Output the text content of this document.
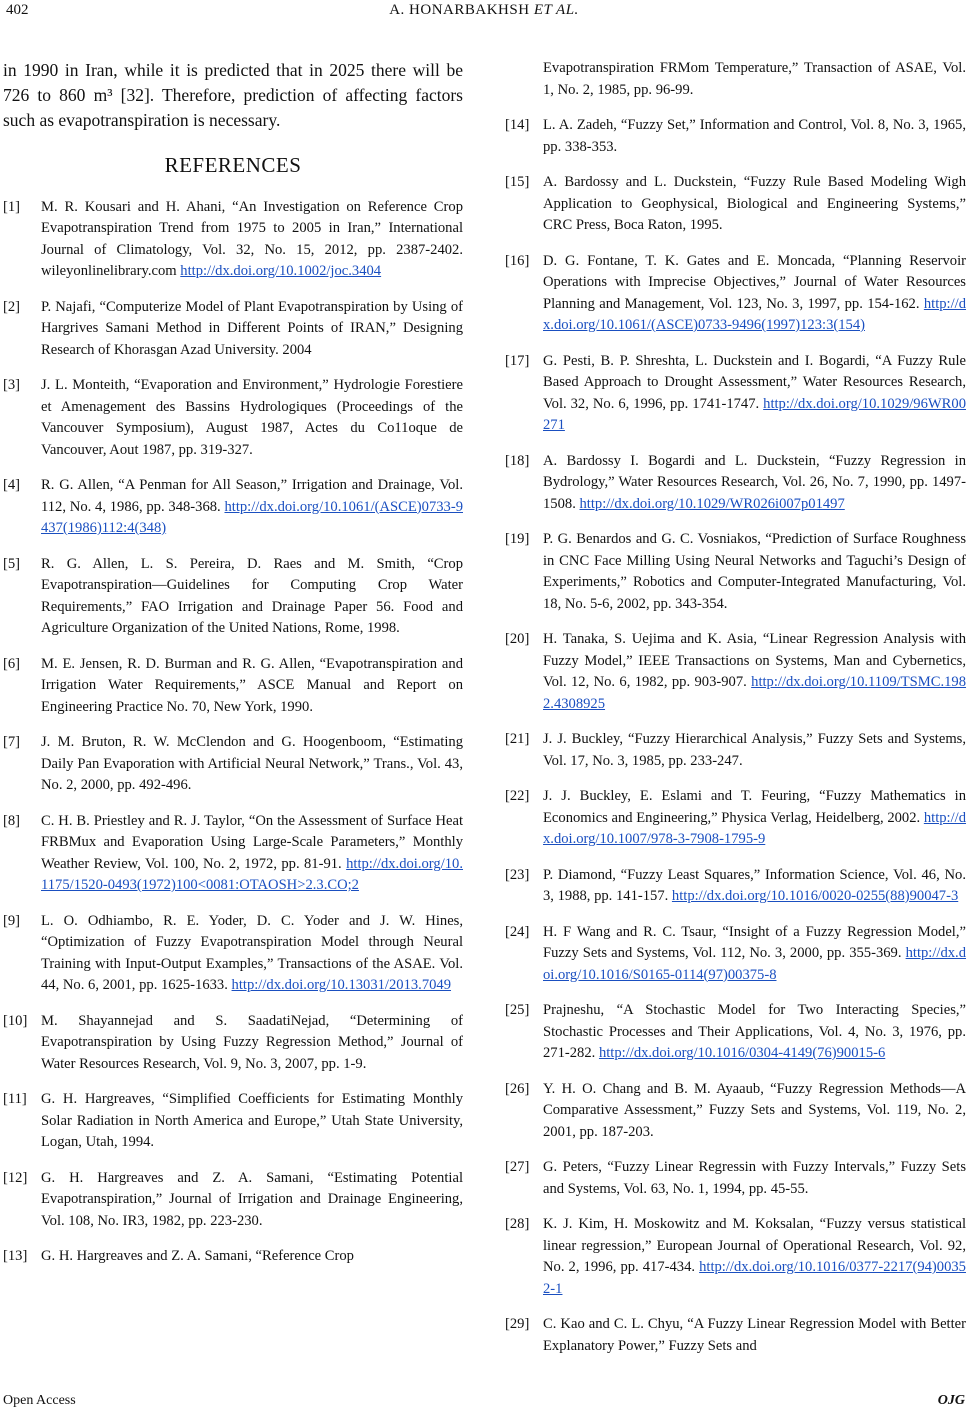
402	A. HONARBAKHSH ET AL.

in 1990 in Iran, while it is predicted that in 2025 there will be 726 to 860 m³ [32]. Therefore, prediction of affecting factors such as evapotranspiration is necessary.

REFERENCES
[1]	M. R. Kousari and H. Ahani, “An Investigation on Reference Crop Evapotranspiration Trend from 1975 to 2005 in Iran,” International Journal of Climatology, Vol. 32, No. 15, 2012, pp. 2387-2402. wileyonlinelibrary.com http://dx.doi.org/10.1002/joc.3404
[2]	P. Najafi, “Computerize Model of Plant Evapotranspiration by Using of Hargrives Samani Method in Different Points of IRAN,” Designing Research of Khorasgan Azad University. 2004
[3]	J. L. Monteith, “Evaporation and Environment,” Hydrologie Forestiere et Amenagement des Bassins Hydrologiques (Proceedings of the Vancouver Symposium), August 1987, Actes du Co11oque de Vancouver, Aout 1987, pp. 319-327.
[4]	R. G. Allen, “A Penman for All Season,” Irrigation and Drainage, Vol. 112, No. 4, 1986, pp. 348-368. http://dx.doi.org/10.1061/(ASCE)0733-9437(1986)112:4(348)
[5]	R. G. Allen, L. S. Pereira, D. Raes and M. Smith, “Crop Evapotranspiration—Guidelines for Computing Crop Water Requirements,” FAO Irrigation and Drainage Paper 56. Food and Agriculture Organization of the United Nations, Rome, 1998.
[6]	M. E. Jensen, R. D. Burman and R. G. Allen, “Evapotranspiration and Irrigation Water Requirements,” ASCE Manual and Report on Engineering Practice No. 70, New York, 1990.
[7]	J. M. Bruton, R. W. McClendon and G. Hoogenboom, “Estimating Daily Pan Evaporation with Artificial Neural Network,” Trans., Vol. 43, No. 2, 2000, pp. 492-496.
[8]	C. H. B. Priestley and R. J. Taylor, “On the Assessment of Surface Heat FRBMux and Evaporation Using Large-Scale Parameters,” Monthly Weather Review, Vol. 100, No. 2, 1972, pp. 81-91. http://dx.doi.org/10.1175/1520-0493(1972)100<0081:OTAOSH>2.3.CO;2
[9]	L. O. Odhiambo, R. E. Yoder, D. C. Yoder and J. W. Hines, “Optimization of Fuzzy Evapotranspiration Model through Neural Training with Input-Output Examples,” Transactions of the ASAE. Vol. 44, No. 6, 2001, pp. 1625-1633. http://dx.doi.org/10.13031/2013.7049
[10] M. Shayannejad and S. SaadatiNejad, “Determining of Evapotranspiration by Using Fuzzy Regression Method,” Journal of Water Resources Research, Vol. 9, No. 3, 2007, pp. 1-9.
[11] G. H. Hargreaves, “Simplified Coefficients for Estimating Monthly Solar Radiation in North America and Europe,” Utah State University, Logan, Utah, 1994.
[12] G. H. Hargreaves and Z. A. Samani, “Estimating Potential Evapotranspiration,” Journal of Irrigation and Drainage Engineering, Vol. 108, No. IR3, 1982, pp. 223-230.
[13] G. H. Hargreaves and Z. A. Samani, “Reference Crop
Evapotranspiration FRMom Temperature,” Transaction of ASAE, Vol. 1, No. 2, 1985, pp. 96-99.
[14] L. A. Zadeh, “Fuzzy Set,” Information and Control, Vol. 8, No. 3, 1965, pp. 338-353.
[15] A. Bardossy and L. Duckstein, “Fuzzy Rule Based Modeling Wigh Application to Geophysical, Biological and Engineering Systems,” CRC Press, Boca Raton, 1995.
[16] D. G. Fontane, T. K. Gates and E. Moncada, “Planning Reservoir Operations with Imprecise Objectives,” Journal of Water Resources Planning and Management, Vol. 123, No. 3, 1997, pp. 154-162. http://dx.doi.org/10.1061/(ASCE)0733-9496(1997)123:3(154)
[17] G. Pesti, B. P. Shreshta, L. Duckstein and I. Bogardi, “A Fuzzy Rule Based Approach to Drought Assessment,” Water Resources Research, Vol. 32, No. 6, 1996, pp. 1741-1747. http://dx.doi.org/10.1029/96WR00271
[18] A. Bardossy I. Bogardi and L. Duckstein, “Fuzzy Regression in Bydrology,” Water Resources Research, Vol. 26, No. 7, 1990, pp. 1497-1508. http://dx.doi.org/10.1029/WR026i007p01497
[19] P. G. Benardos and G. C. Vosniakos, “Prediction of Surface Roughness in CNC Face Milling Using Neural Networks and Taguchi’s Design of Experiments,” Robotics and Computer-Integrated Manufacturing, Vol. 18, No. 5-6, 2002, pp. 343-354.
[20] H. Tanaka, S. Uejima and K. Asia, “Linear Regression Analysis with Fuzzy Model,” IEEE Transactions on Systems, Man and Cybernetics, Vol. 12, No. 6, 1982, pp. 903-907. http://dx.doi.org/10.1109/TSMC.1982.4308925
[21] J. J. Buckley, “Fuzzy Hierarchical Analysis,” Fuzzy Sets and Systems, Vol. 17, No. 3, 1985, pp. 233-247.
[22] J. J. Buckley, E. Eslami and T. Feuring, “Fuzzy Mathematics in Economics and Engineering,” Physica Verlag, Heidelberg, 2002. http://dx.doi.org/10.1007/978-3-7908-1795-9
[23] P. Diamond, “Fuzzy Least Squares,” Information Science, Vol. 46, No. 3, 1988, pp. 141-157. http://dx.doi.org/10.1016/0020-0255(88)90047-3
[24] H. F Wang and R. C. Tsaur, “Insight of a Fuzzy Regression Model,” Fuzzy Sets and Systems, Vol. 112, No. 3, 2000, pp. 355-369. http://dx.doi.org/10.1016/S0165-0114(97)00375-8
[25] Prajneshu, “A Stochastic Model for Two Interacting Species,” Stochastic Processes and Their Applications, Vol. 4, No. 3, 1976, pp. 271-282. http://dx.doi.org/10.1016/0304-4149(76)90015-6
[26] Y. H. O. Chang and B. M. Ayaaub, “Fuzzy Regression Methods—A Comparative Assessment,” Fuzzy Sets and Systems, Vol. 119, No. 2, 2001, pp. 187-203.
[27] G. Peters, “Fuzzy Linear Regressin with Fuzzy Intervals,” Fuzzy Sets and Systems, Vol. 63, No. 1, 1994, pp. 45-55.
[28] K. J. Kim, H. Moskowitz and M. Koksalan, “Fuzzy versus statistical linear regression,” European Journal of Operational Research, Vol. 92, No. 2, 1996, pp. 417-434. http://dx.doi.org/10.1016/0377-2217(94)00352-1
[29] C. Kao and C. L. Chyu, “A Fuzzy Linear Regression Model with Better Explanatory Power,” Fuzzy Sets and
Open Access	OJG
